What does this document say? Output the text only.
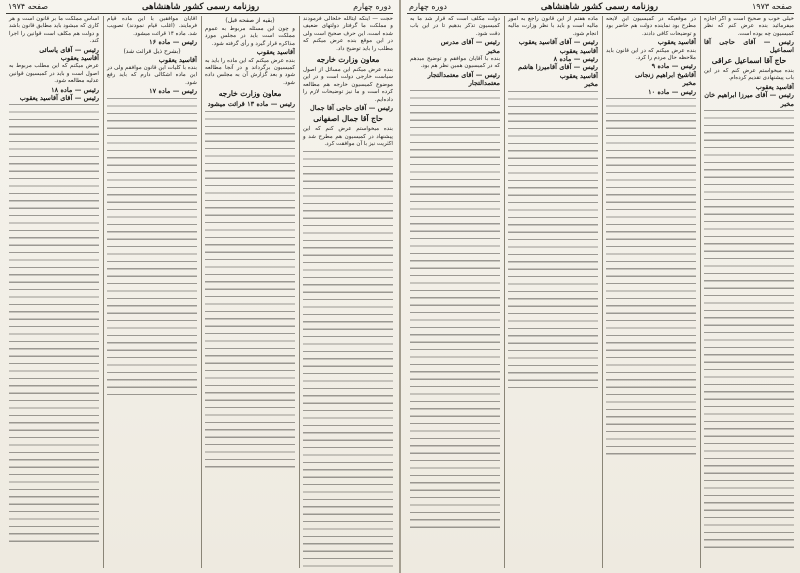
دوره چهارم
روزنامه رسمی کشور شاهنشاهی
صفحه ۱۹۷۴

حجت — اینکه آیتالله خلخالی فرمودند و مملکت ما گرفتار دولتهای ضعیف شده است، این حرف صحیح است ولی در این موقع بنده عرض میکنم که مطلب را باید توضیح داد.

معاون وزارت خارجه

بنده عرض میکنم این مسائل از اصول سیاست خارجی دولت است و در این موضوع کمیسیون خارجه هم مطالعه کرده است و ما نیز توضیحات لازم را داده‌ایم.

رئیس — آقای حاجی آقا جمال

حاج آقا جمال اصفهانی

بنده میخواستم عرض کنم که این پیشنهاد در کمیسیون هم مطرح شد و اکثریت نیز با آن موافقت کرد.

(بقیه از صفحه قبل)

و چون این مسئله مربوط به عموم مملکت است باید در مجلس مورد مذاکره قرار گیرد و رأی گرفته شود.

آقاسید یعقوب

بنده عرض میکنم که این ماده را باید به کمیسیون برگرداند و در آنجا مطالعه شود و بعد گزارش آن به مجلس داده شود.

معاون وزارت خارجه

رئیس — ماده ۱۳ قرائت میشود

آقایان موافقین با این ماده قیام فرمایند. (اغلب قیام نمودند) تصویب شد. ماده ۱۴ قرائت میشود.

رئیس — ماده ۱۶

(بشرح ذیل قرائت شد)

آقاسید یعقوب

بنده با کلیات این قانون موافقم ولی در این ماده اشکالی دارم که باید رفع شود.

رئیس — ماده ۱۷

اساس مملکت ما بر قانون است و هر کاری که میشود باید مطابق قانون باشد و دولت هم مکلف است قوانین را اجرا کند.

رئیس — آقای یاسائی

آقاسید یعقوب

عرض میکنم که این مطلب مربوط به اصول است و باید در کمیسیون قوانین عدلیه مطالعه شود.

رئیس — ماده ۱۸

رئیس — آقای آقاسید یعقوب

صفحه ۱۹۷۳
روزنامه رسمی کشور شاهنشاهی
دوره چهارم

خیلی خوب و صحیح است و اگر اجازه میفرمائید بنده عرض کنم که نظر کمیسیون چه بوده است.

رئیس — آقای حاجی آقا اسماعیل

حاج آقا اسماعیل عراقی

بنده میخواستم عرض کنم که در این باب پیشنهادی تقدیم کرده‌ام.

آقاسید یعقوب

رئیس — آقای میرزا ابراهیم خان

مخبر

در موقعیکه در کمیسیون این لایحه مطرح بود نماینده دولت هم حاضر بود و توضیحات کافی دادند.

آقاسید یعقوب

بنده عرض میکنم که در این قانون باید ملاحظه حال مردم را کرد.

رئیس — ماده ۹

آقاشیخ ابراهیم زنجانی

مخبر

رئیس — ماده ۱۰

ماده هفتم از این قانون راجع به امور مالیه است و باید با نظر وزارت مالیه انجام شود.

رئیس — آقای آقاسید یعقوب

آقاسید یعقوب

رئیس — ماده ۸

رئیس — آقای آقامیرزا هاشم

آقاسید یعقوب

مخبر

دولت مکلف است که قرار شد ما به کمیسیون تذکر بدهیم تا در این باب دقت شود.

رئیس — آقای مدرس

مخبر

بنده با آقایان موافقم و توضیح میدهم که در کمیسیون همین نظر هم بود.

رئیس — آقای معتمدالتجار

معتمدالتجار
